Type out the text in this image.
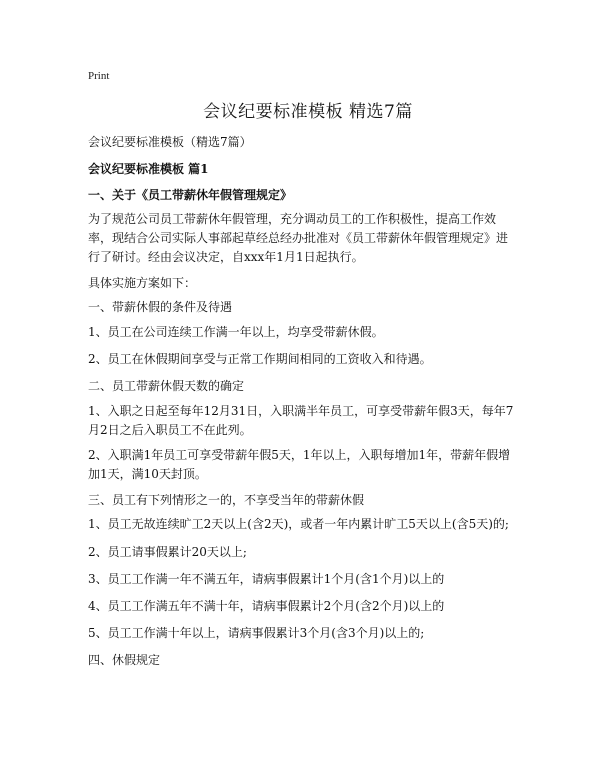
Print
会议纪要标准模板 精选7篇
会议纪要标准模板（精选7篇）
会议纪要标准模板 篇1
一、关于《员工带薪休年假管理规定》
为了规范公司员工带薪休年假管理，充分调动员工的工作积极性，提高工作效率，现结合公司实际人事部起草经总经办批准对《员工带薪休年假管理规定》进行了研讨。经由会议决定，自xxx年1月1日起执行。
具体实施方案如下：
一、带薪休假的条件及待遇
1、员工在公司连续工作满一年以上，均享受带薪休假。
2、员工在休假期间享受与正常工作期间相同的工资收入和待遇。
二、员工带薪休假天数的确定
1、入职之日起至每年12月31日，入职满半年员工，可享受带薪年假3天，每年7月2日之后入职员工不在此列。
2、入职满1年员工可享受带薪年假5天，1年以上，入职每增加1年，带薪年假增加1天，满10天封顶。
三、员工有下列情形之一的，不享受当年的带薪休假
1、员工无故连续旷工2天以上(含2天)，或者一年内累计旷工5天以上(含5天)的;
2、员工请事假累计20天以上;
3、员工工作满一年不满五年，请病事假累计1个月(含1个月)以上的
4、员工工作满五年不满十年，请病事假累计2个月(含2个月)以上的
5、员工工作满十年以上，请病事假累计3个月(含3个月)以上的;
四、休假规定
